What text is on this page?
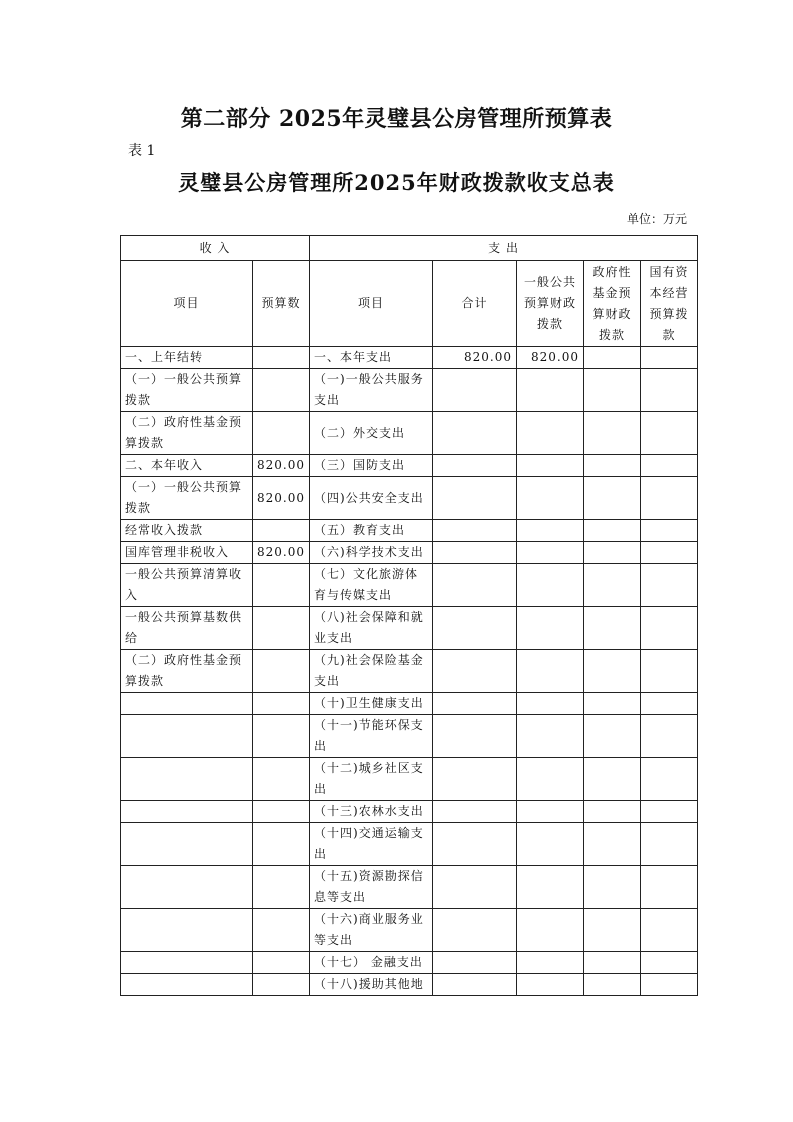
第二部分 2025年灵璧县公房管理所预算表
表 1
灵璧县公房管理所2025年财政拨款收支总表
单位：万元
收 入		支 出				
项目	预算数	项目	合计	一般公共预算财政拨款	政府性基金预算财政拨款	国有资本经营预算拨款
一、上年结转		一、本年支出	820.00	820.00		
（一）一般公共预算拨款		（一)一般公共服务支出				
（二）政府性基金预算拨款		（二）外交支出				
二、本年收入	820.00	（三）国防支出				
（一）一般公共预算拨款	820.00	（四)公共安全支出				
经常收入拨款		（五）教育支出				
国库管理非税收入	820.00	（六)科学技术支出				
一般公共预算清算收入		（七）文化旅游体育与传媒支出				
一般公共预算基数供给		（八)社会保障和就业支出				
（二）政府性基金预算拨款		（九)社会保险基金支出				
		（十)卫生健康支出				
		（十一)节能环保支出				
		（十二)城乡社区支出				
		（十三)农林水支出				
		（十四)交通运输支出				
		（十五)资源勘探信息等支出				
		（十六)商业服务业等支出				
		（十七） 金融支出				
		（十八)援助其他地				
